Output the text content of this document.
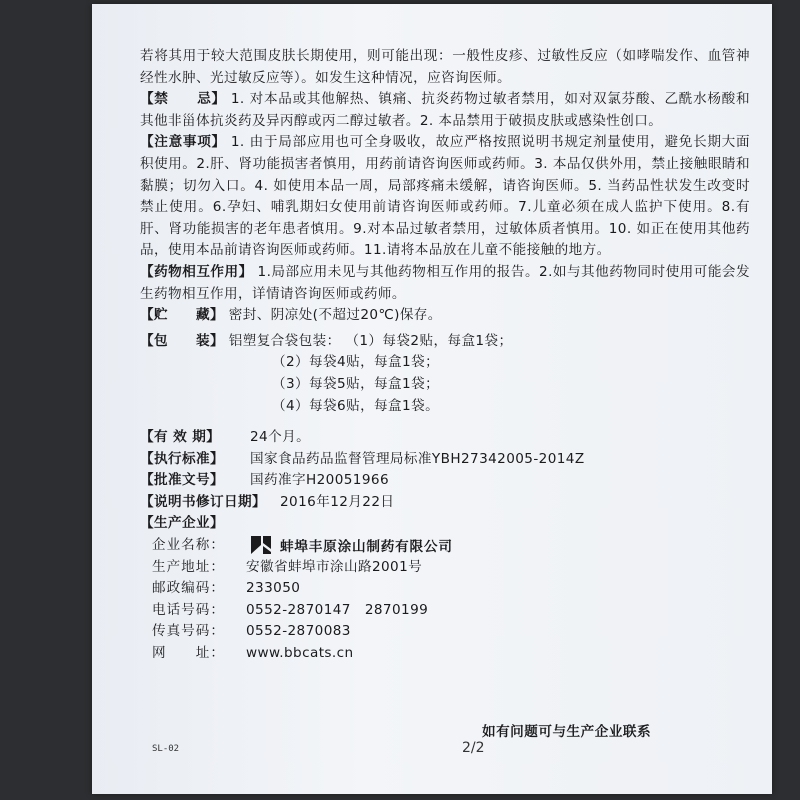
若将其用于较大范围皮肤长期使用，则可能出现：一般性皮疹、过敏性反应（如哮喘发作、血管神经性水肿、光过敏反应等）。如发生这种情况，应咨询医师。

【禁　　忌】 1. 对本品或其他解热、镇痛、抗炎药物过敏者禁用，如对双氯芬酸、乙酰水杨酸和其他非甾体抗炎药及异丙醇或丙二醇过敏者。2. 本品禁用于破损皮肤或感染性创口。

【注意事项】 1. 由于局部应用也可全身吸收，故应严格按照说明书规定剂量使用，避免长期大面积使用。2.肝、肾功能损害者慎用，用药前请咨询医师或药师。3. 本品仅供外用，禁止接触眼睛和黏膜；切勿入口。4. 如使用本品一周，局部疼痛未缓解，请咨询医师。5. 当药品性状发生改变时禁止使用。6.孕妇、哺乳期妇女使用前请咨询医师或药师。7.儿童必须在成人监护下使用。8.有肝、肾功能损害的老年患者慎用。9.对本品过敏者禁用，过敏体质者慎用。10. 如正在使用其他药品，使用本品前请咨询医师或药师。11.请将本品放在儿童不能接触的地方。

【药物相互作用】 1.局部应用未见与其他药物相互作用的报告。2.如与其他药物同时使用可能会发生药物相互作用，详情请咨询医师或药师。

【贮　　藏】 密封、阴凉处(不超过20℃)保存。

【包　　装】 铝塑复合袋包装： （1）每袋2贴，每盒1袋；
（2）每袋4贴，每盒1袋；
（3）每袋5贴，每盒1袋；
（4）每袋6贴，每盒1袋。
【有 效 期】	24个月。
【执行标准】	国家食品药品监督管理局标准YBH27342005-2014Z
【批准文号】	国药准字H20051966
【说明书修订日期】	2016年12月22日
【生产企业】
企业名称：	蚌埠丰原涂山制药有限公司
生产地址：	安徽省蚌埠市涂山路2001号
邮政编码：	233050
电话号码：	0552-2870147　2870199
传真号码：	0552-2870083
网　　址：	www.bbcats.cn
如有问题可与生产企业联系
SL-02	2/2
